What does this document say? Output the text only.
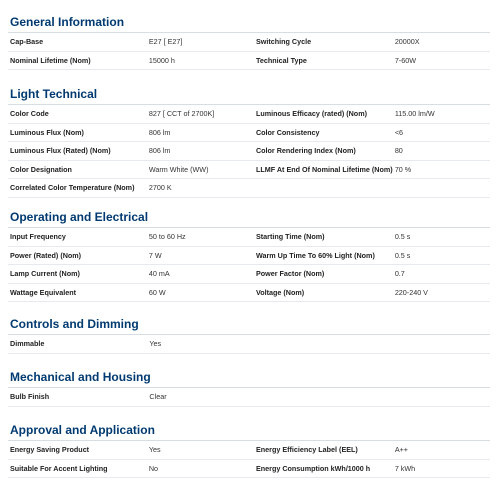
General Information
Cap-Base	E27 [ E27]	Switching Cycle	20000X
Nominal Lifetime (Nom)	15000 h	Technical Type	7-60W
Light Technical
Color Code	827 [ CCT of 2700K]	Luminous Efficacy (rated) (Nom)	115.00 lm/W
Luminous Flux (Nom)	806 lm	Color Consistency	<6
Luminous Flux (Rated) (Nom)	806 lm	Color Rendering Index (Nom)	80
Color Designation	Warm White (WW)	LLMF At End Of Nominal Lifetime (Nom) 70 %
Correlated Color Temperature (Nom)	2700 K
Operating and Electrical
Input Frequency	50 to 60 Hz	Starting Time (Nom)	0.5 s
Power (Rated) (Nom)	7 W	Warm Up Time To 60% Light (Nom)	0.5 s
Lamp Current (Nom)	40 mA	Power Factor (Nom)	0.7
Wattage Equivalent	60 W	Voltage (Nom)	220-240 V
Controls and Dimming
Dimmable	Yes
Mechanical and Housing
Bulb Finish	Clear
Approval and Application
Energy Saving Product	Yes	Energy Efficiency Label (EEL)	A++
Suitable For Accent Lighting	No	Energy Consumption kWh/1000 h	7 kWh
